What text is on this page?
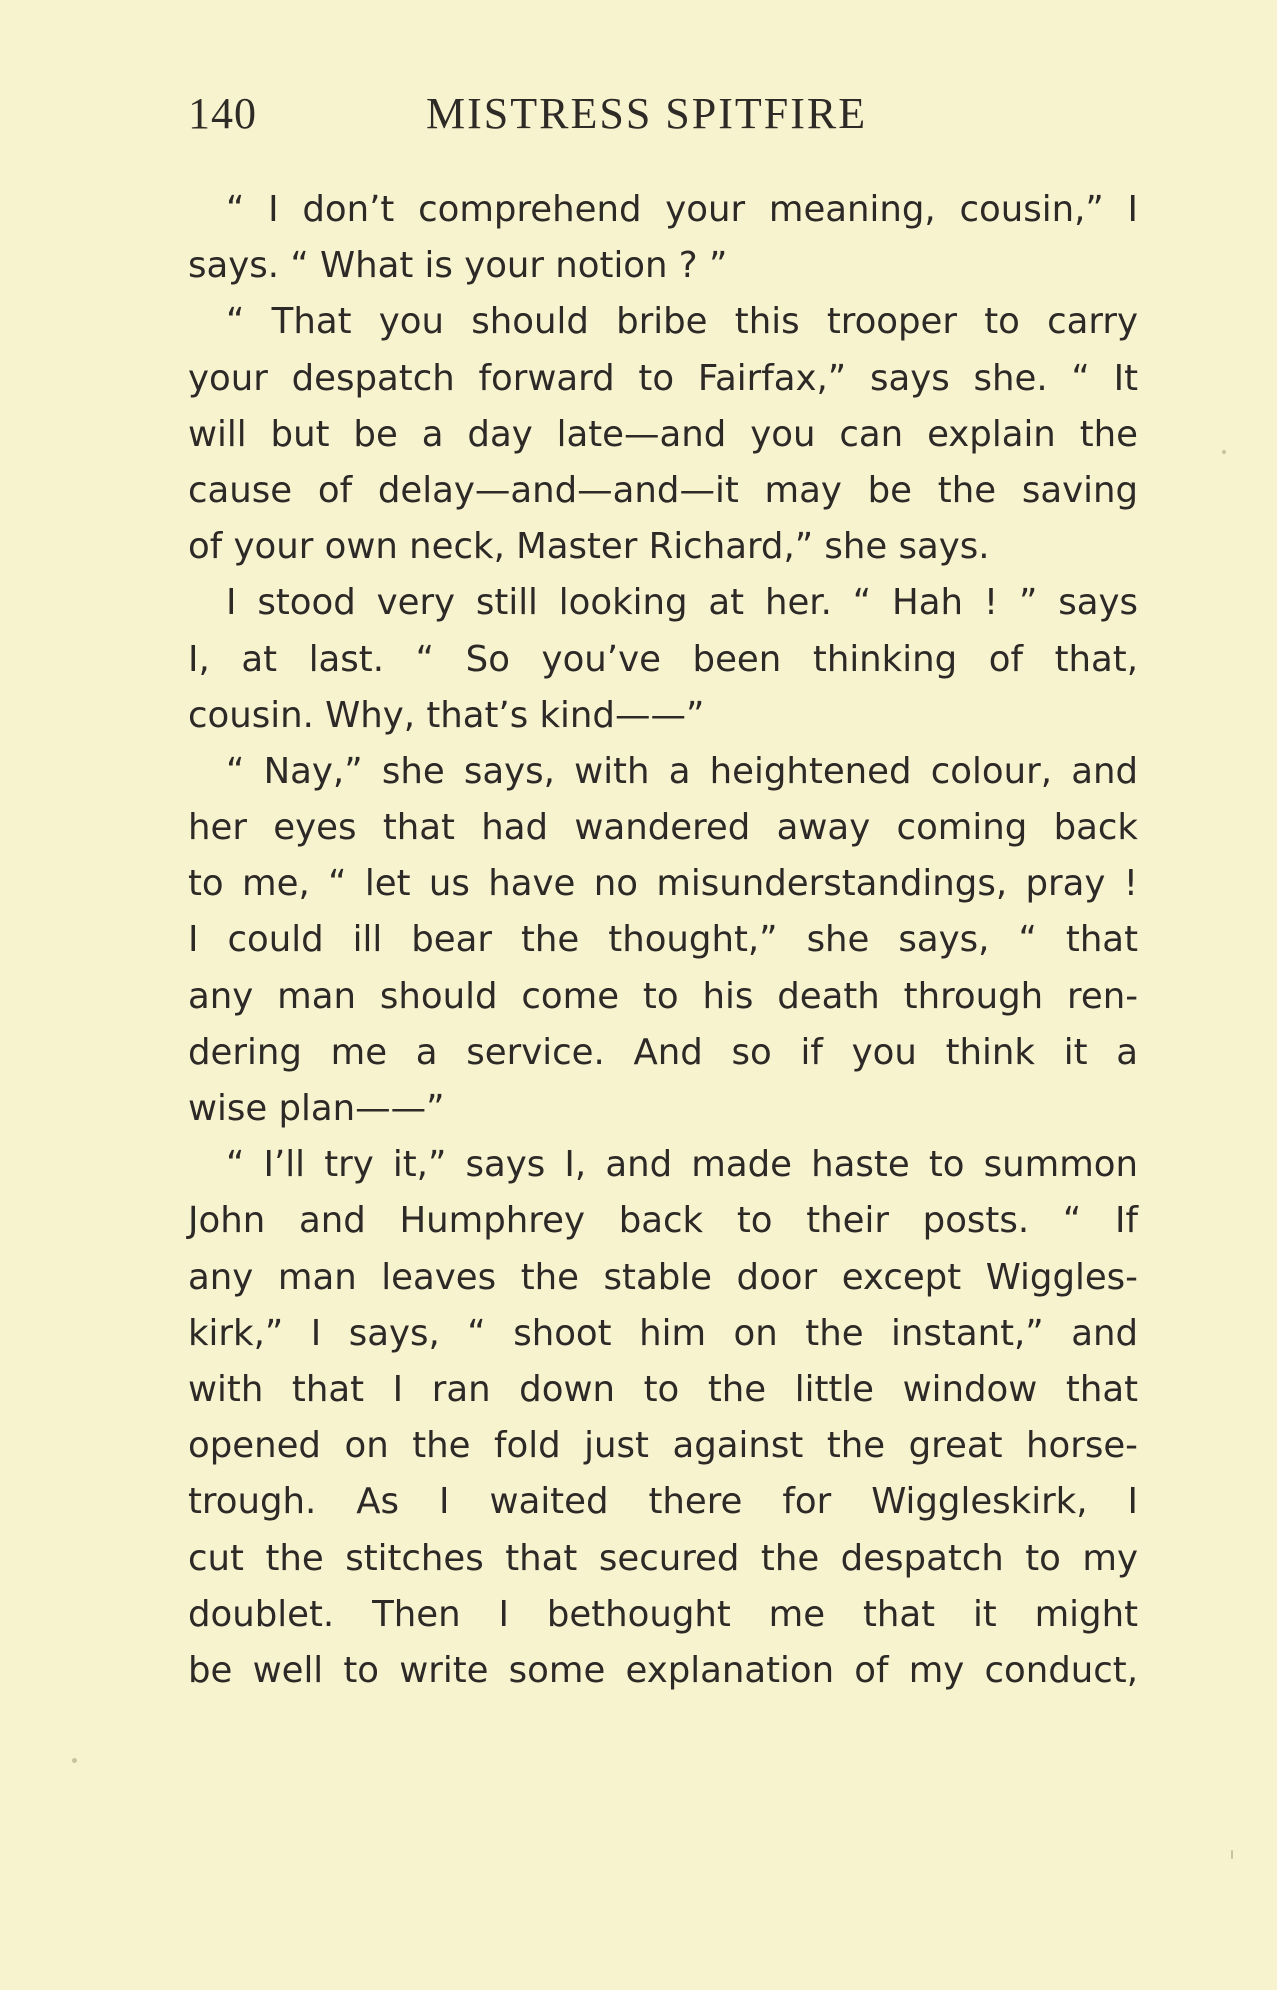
140	MISTRESS SPITFIRE
“ I don’t comprehend your meaning, cousin,” I
says. “ What is your notion ? ”
“ That you should bribe this trooper to carry
your despatch forward to Fairfax,” says she. “ It
will but be a day late—and you can explain the
cause of delay—and—and—it may be the saving
of your own neck, Master Richard,” she says.
I stood very still looking at her. “ Hah ! ” says
I, at last. “ So you’ve been thinking of that,
cousin. Why, that’s kind——”
“ Nay,” she says, with a heightened colour, and
her eyes that had wandered away coming back
to me, “ let us have no misunderstandings, pray !
I could ill bear the thought,” she says, “ that
any man should come to his death through ren-
dering me a service. And so if you think it a
wise plan——”
“ I’ll try it,” says I, and made haste to summon
John and Humphrey back to their posts. “ If
any man leaves the stable door except Wiggles-
kirk,” I says, “ shoot him on the instant,” and
with that I ran down to the little window that
opened on the fold just against the great horse-
trough. As I waited there for Wiggleskirk, I
cut the stitches that secured the despatch to my
doublet. Then I bethought me that it might
be well to write some explanation of my conduct,
